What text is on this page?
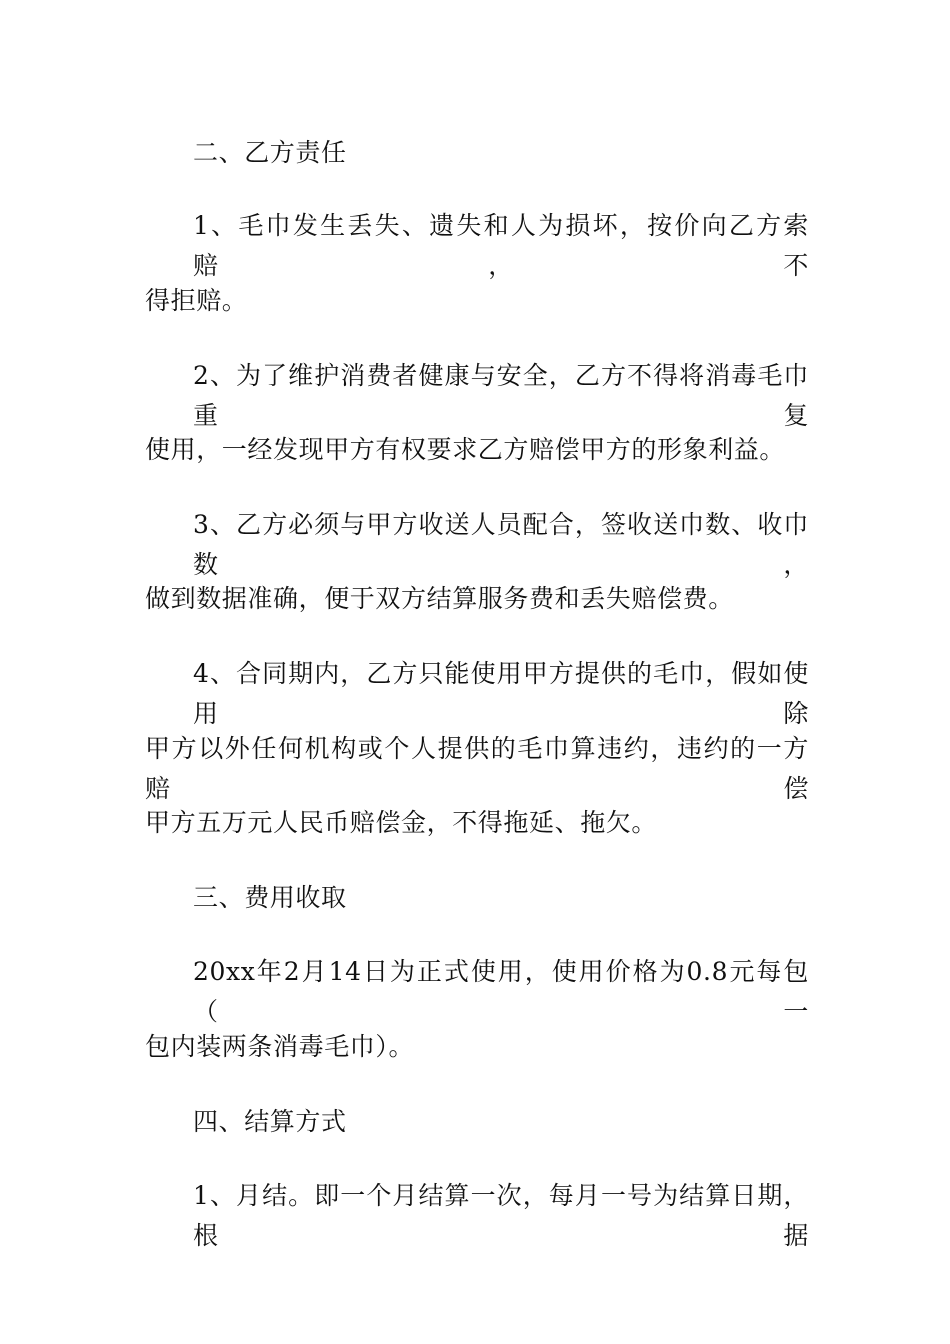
二、乙方责任
1、毛巾发生丢失、遗失和人为损坏，按价向乙方索赔，不
得拒赔。
2、为了维护消费者健康与安全，乙方不得将消毒毛巾重复
使用，一经发现甲方有权要求乙方赔偿甲方的形象利益。
3、乙方必须与甲方收送人员配合，签收送巾数、收巾数，
做到数据准确，便于双方结算服务费和丢失赔偿费。
4、合同期内，乙方只能使用甲方提供的毛巾，假如使用除
甲方以外任何机构或个人提供的毛巾算违约，违约的一方赔偿
甲方五万元人民币赔偿金，不得拖延、拖欠。
三、费用收取
20xx年2月14日为正式使用，使用价格为0.8元每包（一
包内装两条消毒毛巾）。
四、结算方式
1、月结。即一个月结算一次，每月一号为结算日期，根据
